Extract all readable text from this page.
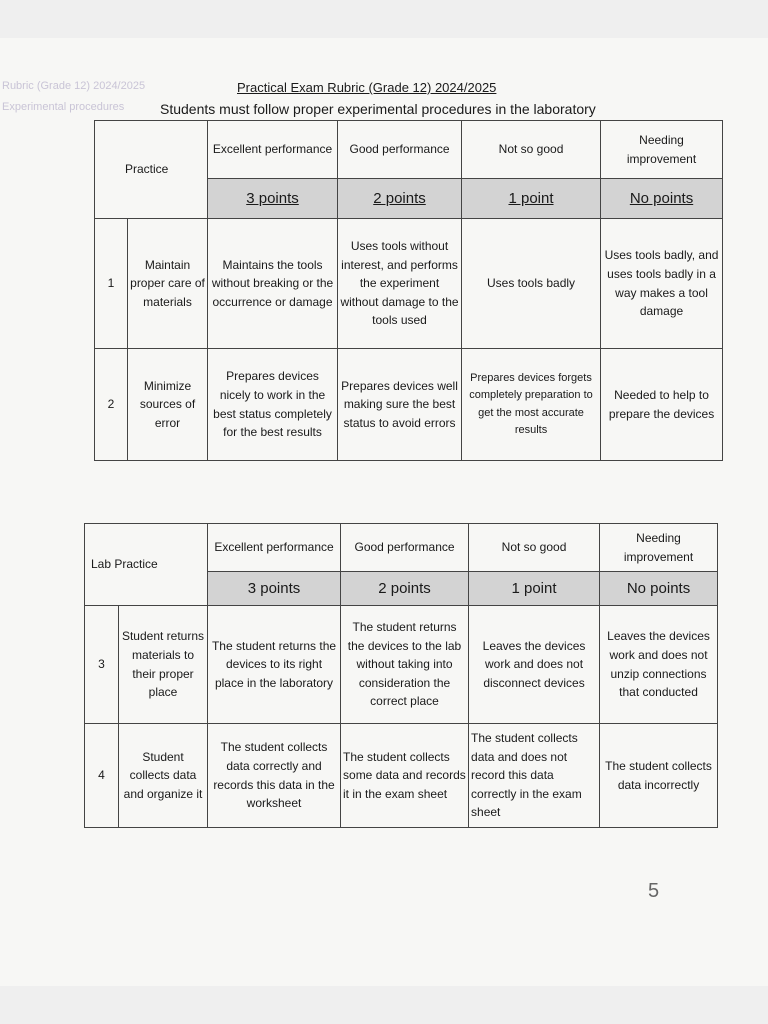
Rubric (Grade 12) 2024/2025
Experimental procedures
Practical Exam Rubric (Grade 12) 2024/2025
Students must follow proper experimental procedures in the laboratory
Practice		Excellent performance	Good performance	Not so good	Needing improvement
		3 points	2 points	1 point	No points
1	Maintain proper care of materials	Maintains the tools without breaking or the occurrence or damage	Uses tools without interest, and performs the experiment without damage to the tools used	Uses tools badly	Uses tools badly, and uses tools badly in a way makes a tool damage
2	Minimize sources of error	Prepares devices nicely to work in the best status completely for the best results	Prepares devices well making sure the best status to avoid errors	Prepares devices forgets completely preparation to get the most accurate results	Needed to help to prepare the devices
Lab Practice		Excellent performance	Good performance	Not so good	Needing improvement
		3 points	2 points	1 point	No points
3	Student returns materials to their proper place	The student returns the devices to its right place in the laboratory	The student returns the devices to the lab without taking into consideration the correct place	Leaves the devices work and does not disconnect devices	Leaves the devices work and does not unzip connections that conducted
4	Student collects data and organize it	The student collects data correctly and records this data in the worksheet	The student collects some data and records it in the exam sheet	The student collects data and does not record this data correctly in the exam sheet	The student collects data incorrectly
5
